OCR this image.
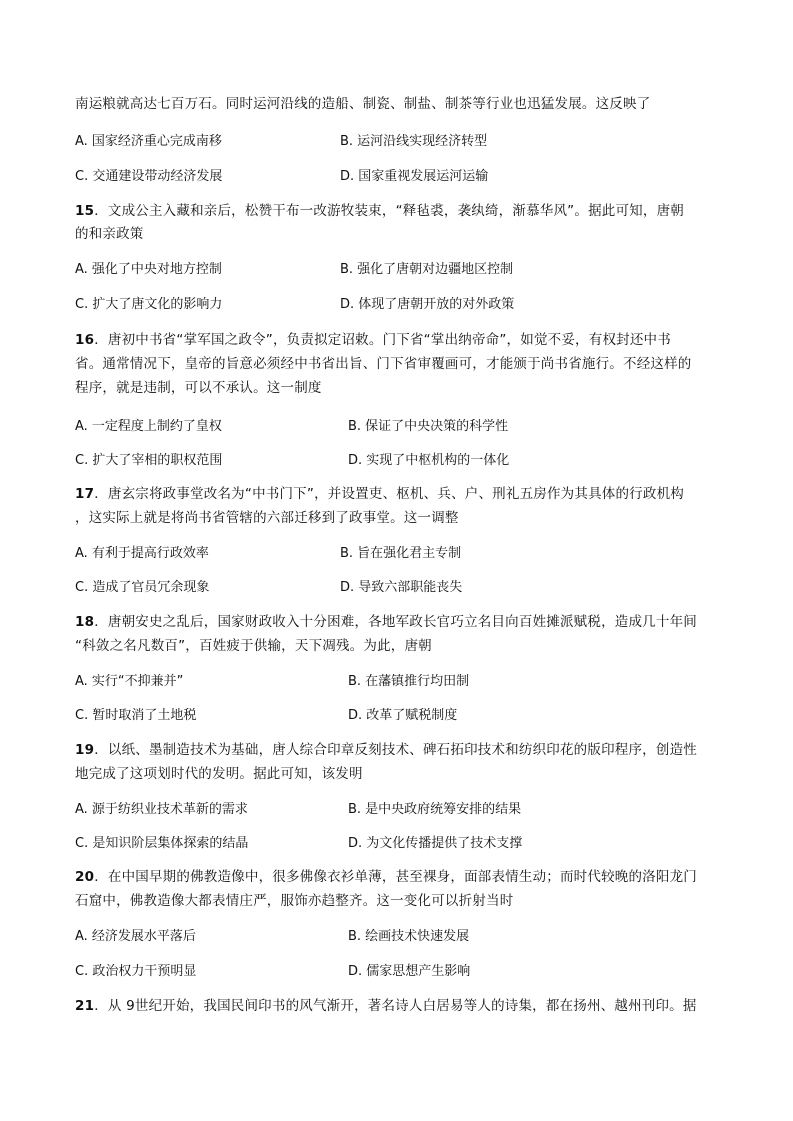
南运粮就高达七百万石。同时运河沿线的造船、制瓷、制盐、制茶等行业也迅猛发展。这反映了
A. 国家经济重心完成南移	B. 运河沿线实现经济转型
C. 交通建设带动经济发展	D. 国家重视发展运河运输
15．文成公主入藏和亲后，松赞干布一改游牧装束，“释毡裘，袭纨绮，渐慕华风”。据此可知，唐朝
的和亲政策
A. 强化了中央对地方控制	B. 强化了唐朝对边疆地区控制
C. 扩大了唐文化的影响力	D. 体现了唐朝开放的对外政策
16．唐初中书省“掌军国之政令”，负责拟定诏敕。门下省“掌出纳帝命”，如觉不妥，有权封还中书
省。通常情况下，皇帝的旨意必须经中书省出旨、门下省审覆画可，才能颁于尚书省施行。不经这样的
程序，就是违制，可以不承认。这一制度
A. 一定程度上制约了皇权	B. 保证了中央决策的科学性
C. 扩大了宰相的职权范围	D. 实现了中枢机构的一体化
17．唐玄宗将政事堂改名为“中书门下”，并设置吏、枢机、兵、户、刑礼五房作为其具体的行政机构
，这实际上就是将尚书省管辖的六部迁移到了政事堂。这一调整
A. 有利于提高行政效率	B. 旨在强化君主专制
C. 造成了官员冗余现象	D. 导致六部职能丧失
18．唐朝安史之乱后，国家财政收入十分困难，各地军政长官巧立名目向百姓摊派赋税，造成几十年间
“科敛之名凡数百”，百姓疲于供输，天下凋残。为此，唐朝
A. 实行“不抑兼并”	B. 在藩镇推行均田制
C. 暂时取消了土地税	D. 改革了赋税制度
19．以纸、墨制造技术为基础，唐人综合印章反刻技术、碑石拓印技术和纺织印花的版印程序，创造性
地完成了这项划时代的发明。据此可知，该发明
A. 源于纺织业技术革新的需求	B. 是中央政府统筹安排的结果
C. 是知识阶层集体探索的结晶	D. 为文化传播提供了技术支撑
20．在中国早期的佛教造像中，很多佛像衣衫单薄，甚至裸身，面部表情生动；而时代较晚的洛阳龙门
石窟中，佛教造像大都表情庄严，服饰亦趋整齐。这一变化可以折射当时
A. 经济发展水平落后	B. 绘画技术快速发展
C. 政治权力干预明显	D. 儒家思想产生影响
21．从 9世纪开始，我国民间印书的风气渐开，著名诗人白居易等人的诗集，都在扬州、越州刊印。据
